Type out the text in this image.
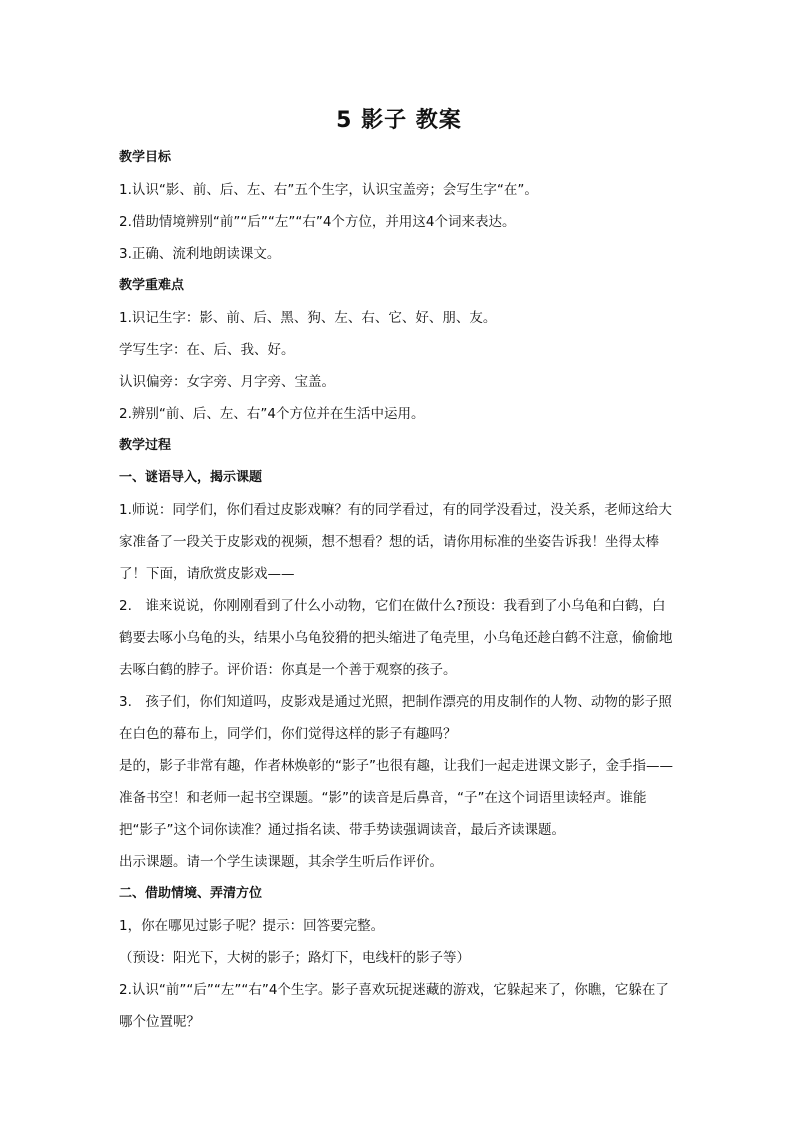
5 影子 教案
教学目标
1.认识“影、前、后、左、右”五个生字，认识宝盖旁；会写生字“在”。
2.借助情境辨别“前”“后”“左”“右”4个方位，并用这4个词来表达。
3.正确、流利地朗读课文。
教学重难点
1.识记生字：影、前、后、黑、狗、左、右、它、好、朋、友。
学写生字：在、后、我、好。
认识偏旁：女字旁、月字旁、宝盖。
2.辨别“前、后、左、右”4个方位并在生活中运用。
教学过程
一、谜语导入，揭示课题
1.师说：同学们，你们看过皮影戏嘛？有的同学看过，有的同学没看过，没关系，老师这给大家准备了一段关于皮影戏的视频，想不想看？想的话，请你用标准的坐姿告诉我！坐得太棒了！下面，请欣赏皮影戏——
2.　谁来说说，你刚刚看到了什么小动物，它们在做什么?预设：我看到了小乌龟和白鹤，白鹤要去啄小乌龟的头，结果小乌龟狡猾的把头缩进了龟壳里，小乌龟还趁白鹤不注意，偷偷地去啄白鹤的脖子。评价语：你真是一个善于观察的孩子。
3.　孩子们，你们知道吗，皮影戏是通过光照，把制作漂亮的用皮制作的人物、动物的影子照在白色的幕布上，同学们，你们觉得这样的影子有趣吗？
是的，影子非常有趣，作者林焕彰的“影子”也很有趣，让我们一起走进课文影子，金手指——准备书空！和老师一起书空课题。“影”的读音是后鼻音，“子”在这个词语里读轻声。谁能把“影子”这个词你读准？通过指名读、带手势读强调读音，最后齐读课题。
出示课题。请一个学生读课题，其余学生听后作评价。
二、借助情境、弄清方位
1，你在哪见过影子呢？提示：回答要完整。
（预设：阳光下，大树的影子；路灯下，电线杆的影子等）
2.认识“前”“后”“左”“右”4个生字。影子喜欢玩捉迷藏的游戏，它躲起来了，你瞧，它躲在了哪个位置呢？
